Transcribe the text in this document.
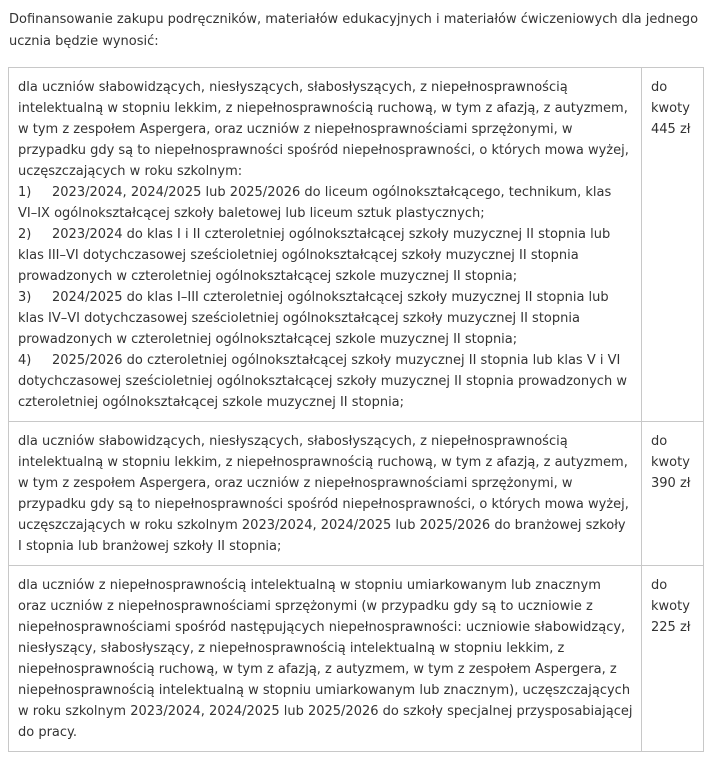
Dofinansowanie zakupu podręczników, materiałów edukacyjnych i materiałów ćwiczeniowych dla jednego ucznia będzie wynosić:

dla uczniów słabowidzących, niesłyszących, słabosłyszących, z niepełnosprawnością intelektualną w stopniu lekkim, z niepełnosprawnością ruchową, w tym z afazją, z autyzmem, w tym z zespołem Aspergera, oraz uczniów z niepełnosprawnościami sprzężonymi, w przypadku gdy są to niepełnosprawności spośród niepełnosprawności, o których mowa wyżej, uczęszczających w roku szkolnym:
1) 2023/2024, 2024/2025 lub 2025/2026 do liceum ogólnokształcącego, technikum, klas VI–IX ogólnokształcącej szkoły baletowej lub liceum sztuk plastycznych;
2) 2023/2024 do klas I i II czteroletniej ogólnokształcącej szkoły muzycznej II stopnia lub klas III–VI dotychczasowej sześcioletniej ogólnokształcącej szkoły muzycznej II stopnia prowadzonych w czteroletniej ogólnokształcącej szkole muzycznej II stopnia;
3) 2024/2025 do klas I–III czteroletniej ogólnokształcącej szkoły muzycznej II stopnia lub klas IV–VI dotychczasowej sześcioletniej ogólnokształcącej szkoły muzycznej II stopnia prowadzonych w czteroletniej ogólnokształcącej szkole muzycznej II stopnia;
4) 2025/2026 do czteroletniej ogólnokształcącej szkoły muzycznej II stopnia lub klas V i VI dotychczasowej sześcioletniej ogólnokształcącej szkoły muzycznej II stopnia prowadzonych w czteroletniej ogólnokształcącej szkole muzycznej II stopnia;	do kwoty 445 zł

dla uczniów słabowidzących, niesłyszących, słabosłyszących, z niepełnosprawnością intelektualną w stopniu lekkim, z niepełnosprawnością ruchową, w tym z afazją, z autyzmem, w tym z zespołem Aspergera, oraz uczniów z niepełnosprawnościami sprzężonymi, w przypadku gdy są to niepełnosprawności spośród niepełnosprawności, o których mowa wyżej, uczęszczających w roku szkolnym 2023/2024, 2024/2025 lub 2025/2026 do branżowej szkoły I stopnia lub branżowej szkoły II stopnia;	do kwoty 390 zł

dla uczniów z niepełnosprawnością intelektualną w stopniu umiarkowanym lub znacznym oraz uczniów z niepełnosprawnościami sprzężonymi (w przypadku gdy są to uczniowie z niepełnosprawnościami spośród następujących niepełnosprawności: uczniowie słabowidzący, niesłyszący, słabosłyszący, z niepełnosprawnością intelektualną w stopniu lekkim, z niepełnosprawnością ruchową, w tym z afazją, z autyzmem, w tym z zespołem Aspergera, z niepełnosprawnością intelektualną w stopniu umiarkowanym lub znacznym), uczęszczających w roku szkolnym 2023/2024, 2024/2025 lub 2025/2026 do szkoły specjalnej przysposabiającej do pracy.	do kwoty 225 zł
